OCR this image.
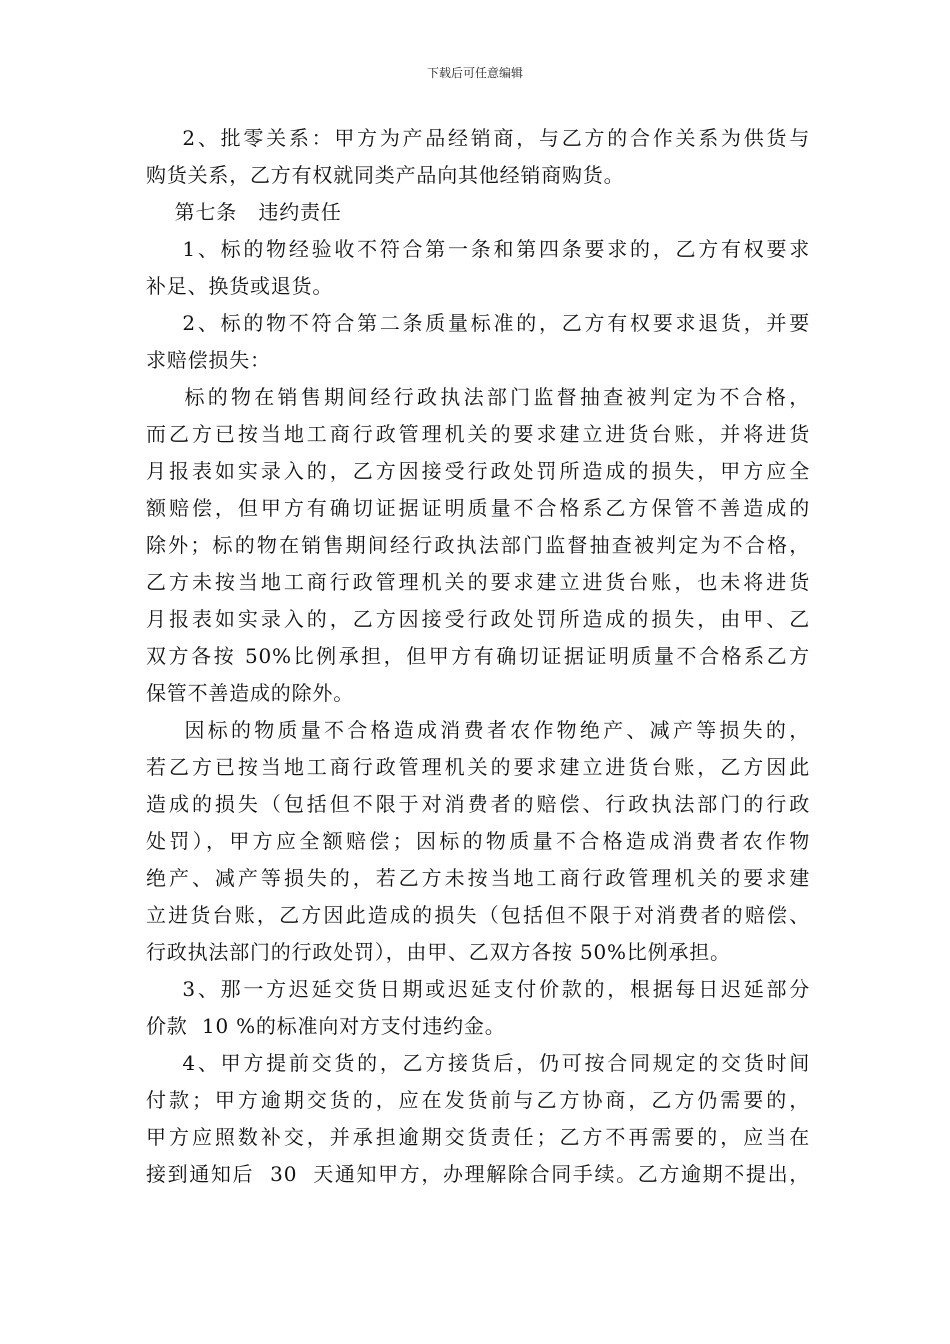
下载后可任意编辑
2、批零关系：甲方为产品经销商，与乙方的合作关系为供货与
购货关系，乙方有权就同类产品向其他经销商购货。
第七条   违约责任
1、标的物经验收不符合第一条和第四条要求的，乙方有权要求
补足、换货或退货。
2、标的物不符合第二条质量标准的，乙方有权要求退货，并要
求赔偿损失：
标的物在销售期间经行政执法部门监督抽查被判定为不合格，
而乙方已按当地工商行政管理机关的要求建立进货台账，并将进货
月报表如实录入的，乙方因接受行政处罚所造成的损失，甲方应全
额赔偿，但甲方有确切证据证明质量不合格系乙方保管不善造成的
除外；标的物在销售期间经行政执法部门监督抽查被判定为不合格，
乙方未按当地工商行政管理机关的要求建立进货台账，也未将进货
月报表如实录入的，乙方因接受行政处罚所造成的损失，由甲、乙
双方各按 50%比例承担，但甲方有确切证据证明质量不合格系乙方
保管不善造成的除外。
因标的物质量不合格造成消费者农作物绝产、减产等损失的，
若乙方已按当地工商行政管理机关的要求建立进货台账，乙方因此
造成的损失（包括但不限于对消费者的赔偿、行政执法部门的行政
处罚），甲方应全额赔偿；因标的物质量不合格造成消费者农作物
绝产、减产等损失的，若乙方未按当地工商行政管理机关的要求建
立进货台账，乙方因此造成的损失（包括但不限于对消费者的赔偿、
行政执法部门的行政处罚），由甲、乙双方各按 50%比例承担。
3、那一方迟延交货日期或迟延支付价款的，根据每日迟延部分
价款  10 %的标准向对方支付违约金。
4、甲方提前交货的，乙方接货后，仍可按合同规定的交货时间
付款；甲方逾期交货的，应在发货前与乙方协商，乙方仍需要的，
甲方应照数补交，并承担逾期交货责任；乙方不再需要的，应当在
接到通知后  30  天通知甲方，办理解除合同手续。乙方逾期不提出，
